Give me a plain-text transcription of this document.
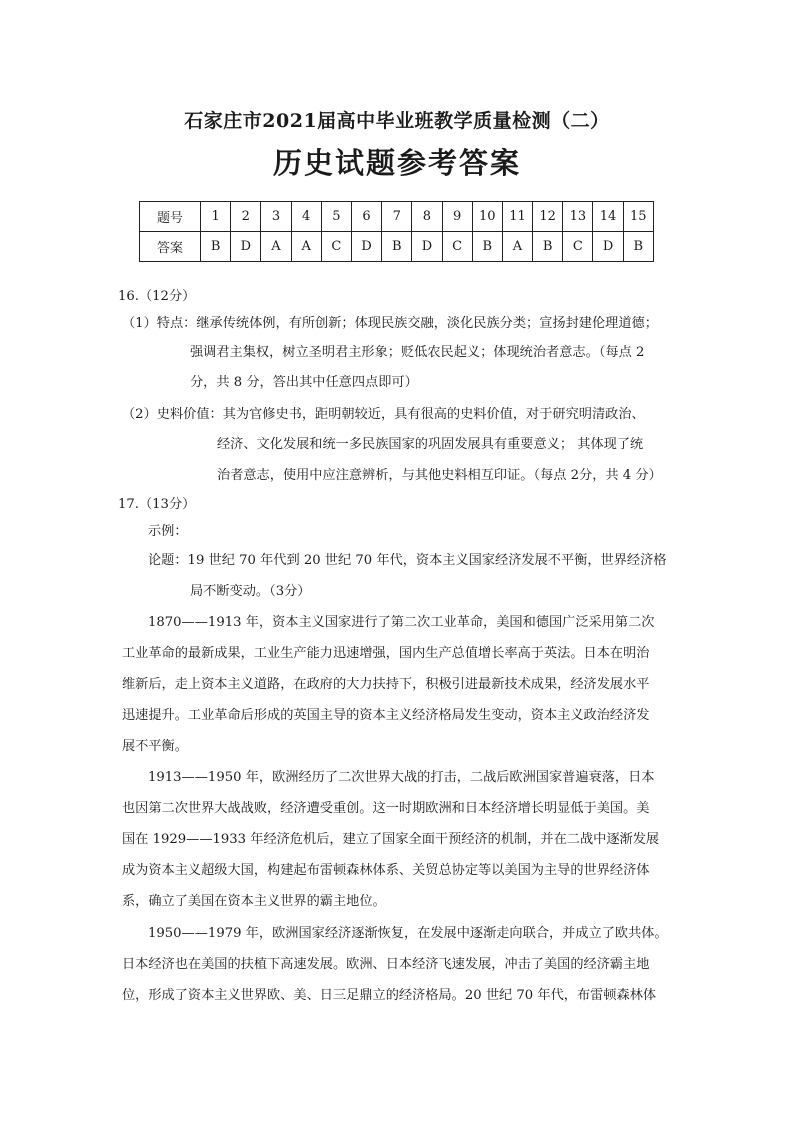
石家庄市2021届高中毕业班教学质量检测（二）
历史试题参考答案
题号	1	2	3	4	5	6	7	8	9	10	11	12	13	14	15
答案	B	D	A	A	C	D	B	D	C	B	A	B	C	D	B
16.（12分）
（1）特点：继承传统体例，有所创新；体现民族交融，淡化民族分类；宣扬封建伦理道德；
强调君主集权，树立圣明君主形象；贬低农民起义；体现统治者意志。（每点 2
分，共 8 分，答出其中任意四点即可）
（2）史料价值：其为官修史书，距明朝较近，具有很高的史料价值，对于研究明清政治、
经济、文化发展和统一多民族国家的巩固发展具有重要意义； 其体现了统
治者意志，使用中应注意辨析，与其他史料相互印证。（每点 2分，共 4 分）
17.（13分）
示例：
论题：19 世纪 70 年代到 20 世纪 70 年代，资本主义国家经济发展不平衡，世界经济格
局不断变动。（3分）
1870——1913 年，资本主义国家进行了第二次工业革命，美国和德国广泛采用第二次
工业革命的最新成果，工业生产能力迅速增强，国内生产总值增长率高于英法。日本在明治
维新后，走上资本主义道路，在政府的大力扶持下，积极引进最新技术成果，经济发展水平
迅速提升。工业革命后形成的英国主导的资本主义经济格局发生变动，资本主义政治经济发
展不平衡。
1913——1950 年，欧洲经历了二次世界大战的打击，二战后欧洲国家普遍衰落，日本
也因第二次世界大战战败，经济遭受重创。这一时期欧洲和日本经济增长明显低于美国。美
国在 1929——1933 年经济危机后，建立了国家全面干预经济的机制，并在二战中逐渐发展
成为资本主义超级大国，构建起布雷顿森林体系、关贸总协定等以美国为主导的世界经济体
系，确立了美国在资本主义世界的霸主地位。
1950——1979 年，欧洲国家经济逐渐恢复，在发展中逐渐走向联合，并成立了欧共体。
日本经济也在美国的扶植下高速发展。欧洲、日本经济飞速发展，冲击了美国的经济霸主地
位，形成了资本主义世界欧、美、日三足鼎立的经济格局。20 世纪 70 年代，布雷顿森林体
